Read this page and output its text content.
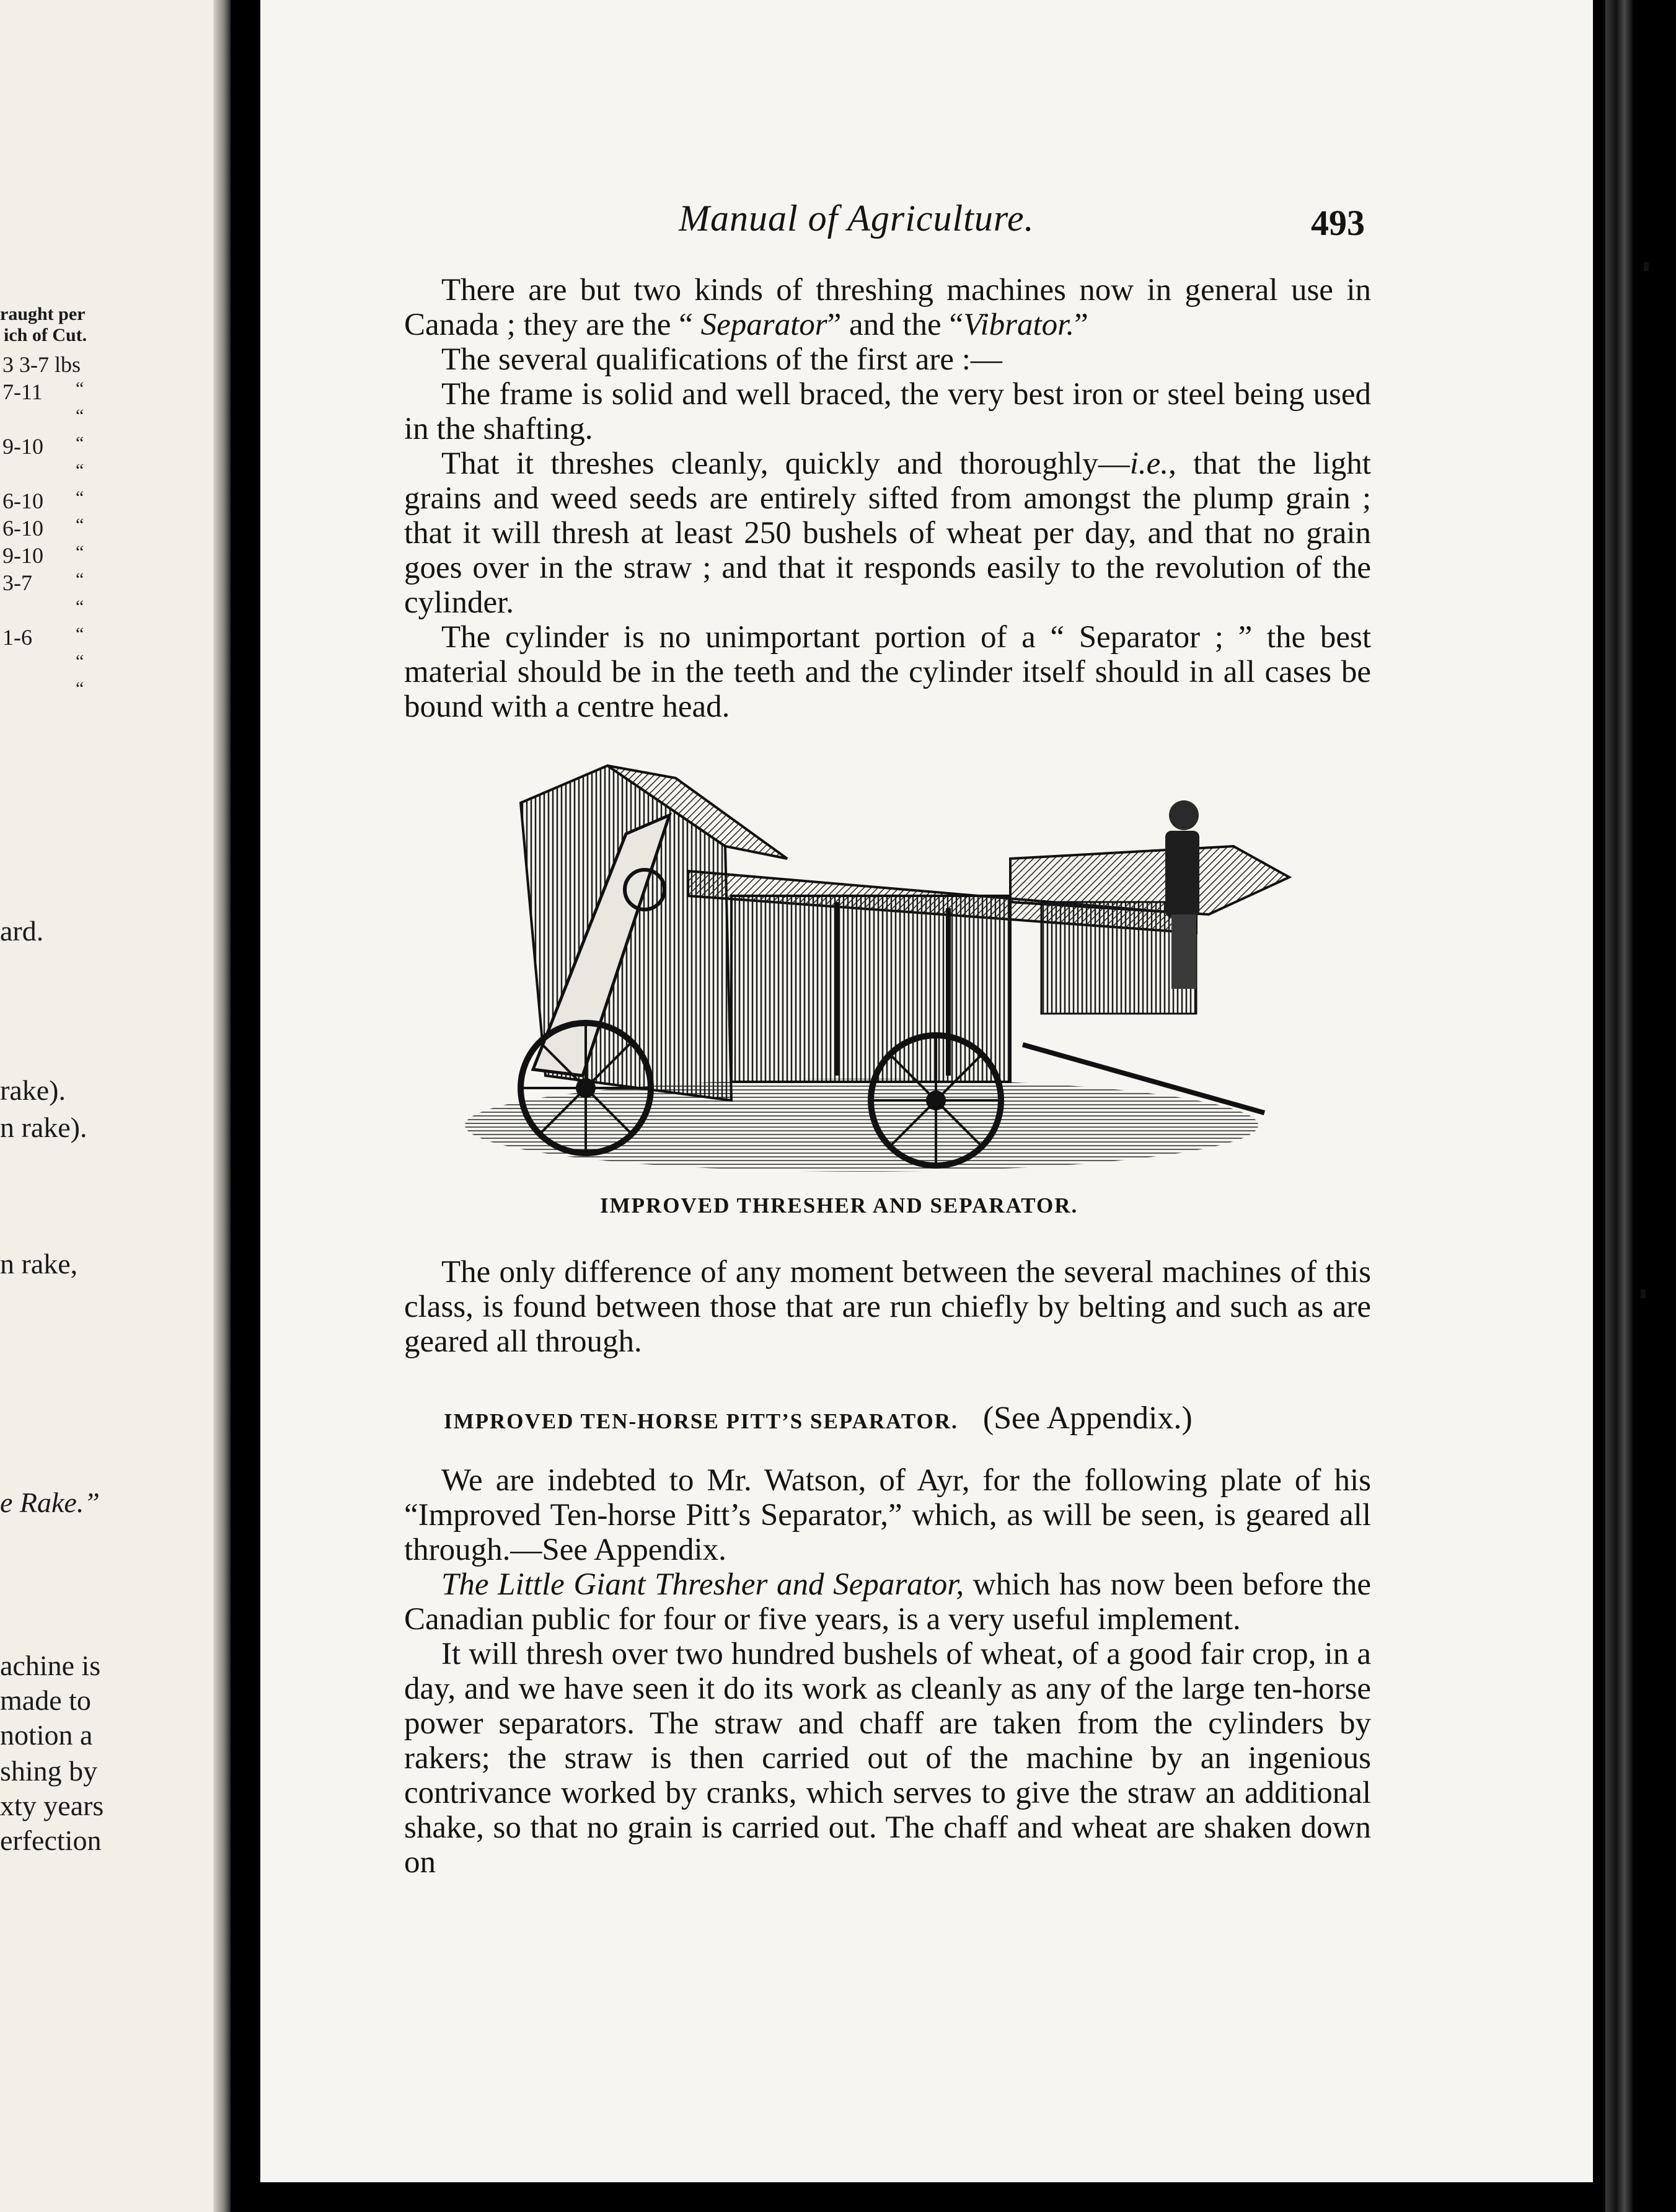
raught per
ich of Cut.
3 3-7 lbs
7-11 “
“
9-10 “
“
6-10 “
6-10 “
9-10 “
3-7 “
“
1-6 “
“
“
ard.
rake).
n rake).
n rake,
e Rake.”
achine is
made to
notion a
shing by
xty years
erfection
Manual of Agriculture.	493

There are but two kinds of threshing machines now in general use in Canada ; they are the “ Separator” and the “Vibrator.”

The several qualifications of the first are :—

The frame is solid and well braced, the very best iron or steel being used in the shafting.

That it threshes cleanly, quickly and thoroughly—i.e., that the light grains and weed seeds are entirely sifted from amongst the plump grain ; that it will thresh at least 250 bushels of wheat per day, and that no grain goes over in the straw ; and that it responds easily to the revolution of the cylinder.

The cylinder is no unimportant portion of a “ Separator ; ” the best material should be in the teeth and the cylinder itself should in all cases be bound with a centre head.

IMPROVED THRESHER AND SEPARATOR.

The only difference of any moment between the several machines of this class, is found between those that are run chiefly by belting and such as are geared all through.

IMPROVED TEN-HORSE PITT’S SEPARATOR. (See Appendix.)

We are indebted to Mr. Watson, of Ayr, for the following plate of his “Improved Ten-horse Pitt’s Separator,” which, as will be seen, is geared all through.—See Appendix.

The Little Giant Thresher and Separator, which has now been before the Canadian public for four or five years, is a very useful implement.

It will thresh over two hundred bushels of wheat, of a good fair crop, in a day, and we have seen it do its work as cleanly as any of the large ten-horse power separators. The straw and chaff are taken from the cylinders by rakers; the straw is then carried out of the machine by an ingenious contrivance worked by cranks, which serves to give the straw an additional shake, so that no grain is carried out. The chaff and wheat are shaken down on
